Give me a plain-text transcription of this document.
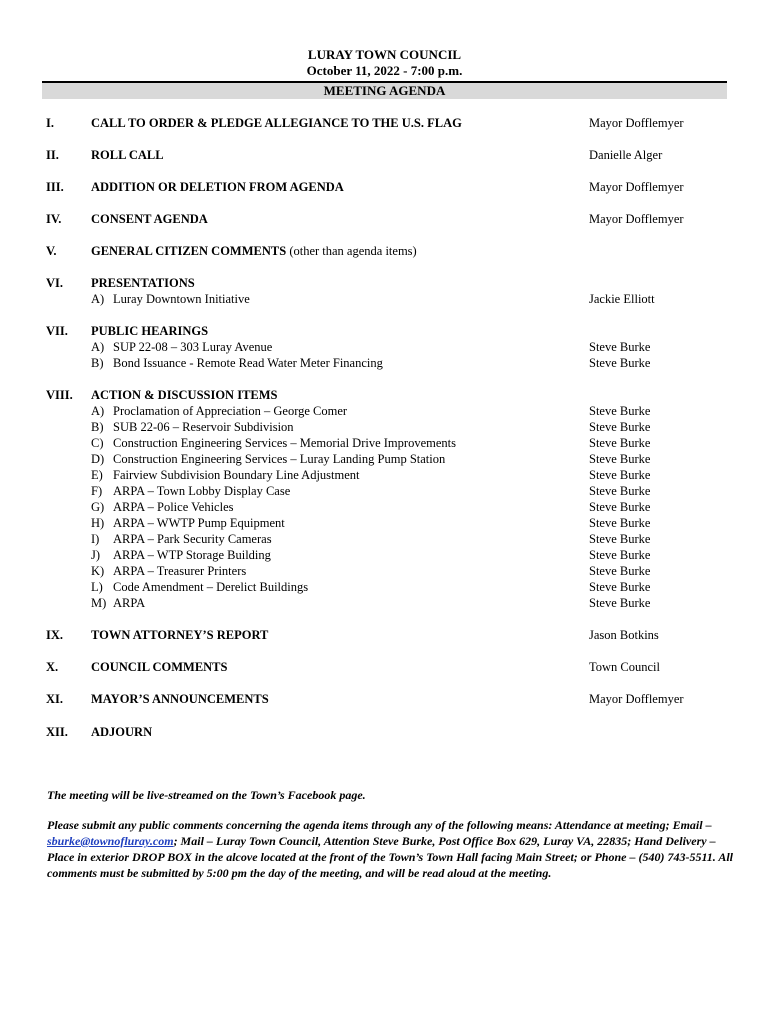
LURAY TOWN COUNCIL
October 11, 2022 - 7:00 p.m.
MEETING AGENDA
I.	CALL TO ORDER & PLEDGE ALLEGIANCE TO THE U.S. FLAG	Mayor Dofflemyer
II.	ROLL CALL	Danielle Alger
III. ADDITION OR DELETION FROM AGENDA	Mayor Dofflemyer
IV. CONSENT AGENDA	Mayor Dofflemyer
V.	GENERAL CITIZEN COMMENTS (other than agenda items)
VI. PRESENTATIONS
A) Luray Downtown Initiative	Jackie Elliott
VII. PUBLIC HEARINGS
A) SUP 22-08 – 303 Luray Avenue	Steve Burke
B) Bond Issuance - Remote Read Water Meter Financing	Steve Burke
VIII. ACTION & DISCUSSION ITEMS
A) Proclamation of Appreciation – George Comer	Steve Burke
B) SUB 22-06 – Reservoir Subdivision	Steve Burke
C) Construction Engineering Services – Memorial Drive Improvements	Steve Burke
D) Construction Engineering Services – Luray Landing Pump Station	Steve Burke
E) Fairview Subdivision Boundary Line Adjustment	Steve Burke
F) ARPA – Town Lobby Display Case	Steve Burke
G) ARPA – Police Vehicles	Steve Burke
H) ARPA – WWTP Pump Equipment	Steve Burke
I) ARPA – Park Security Cameras	Steve Burke
J) ARPA – WTP Storage Building	Steve Burke
K) ARPA – Treasurer Printers	Steve Burke
L) Code Amendment – Derelict Buildings	Steve Burke
M) ARPA	Steve Burke
IX. TOWN ATTORNEY’S REPORT	Jason Botkins
X.	COUNCIL COMMENTS	Town Council
XI. MAYOR’S ANNOUNCEMENTS	Mayor Dofflemyer
XII. ADJOURN
The meeting will be live-streamed on the Town’s Facebook page.
Please submit any public comments concerning the agenda items through any of the following means: Attendance at meeting; Email – sburke@townofluray.com; Mail – Luray Town Council, Attention Steve Burke, Post Office Box 629, Luray VA, 22835; Hand Delivery – Place in exterior DROP BOX in the alcove located at the front of the Town’s Town Hall facing Main Street; or Phone – (540) 743-5511. All comments must be submitted by 5:00 pm the day of the meeting, and will be read aloud at the meeting.
